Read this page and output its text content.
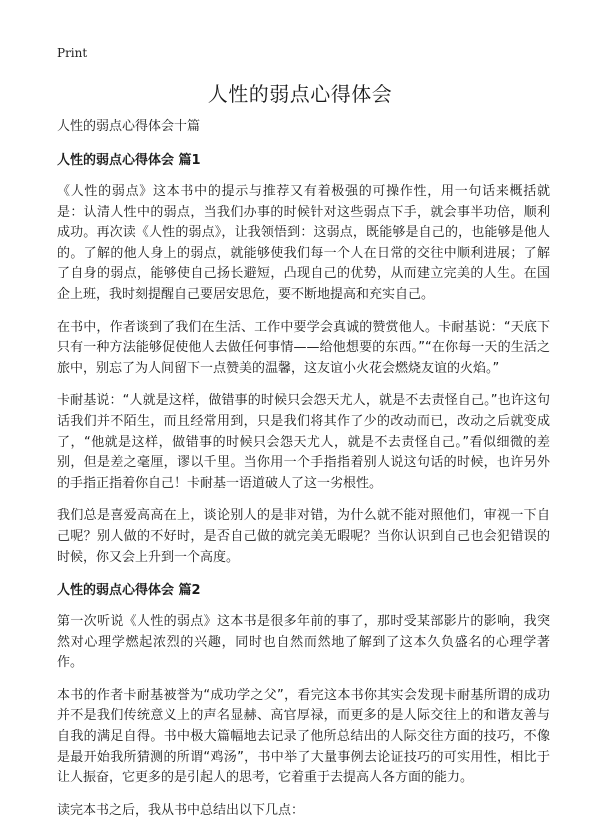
Print
人性的弱点心得体会

人性的弱点心得体会十篇

人性的弱点心得体会 篇1

《人性的弱点》这本书中的提示与推荐又有着极强的可操作性，用一句话来概括就是：认清人性中的弱点，当我们办事的时候针对这些弱点下手，就会事半功倍，顺利成功。再次读《人性的弱点》，让我领悟到：这弱点，既能够是自己的，也能够是他人的。了解的他人身上的弱点，就能够使我们每一个人在日常的交往中顺利进展；了解了自身的弱点，能够使自己扬长避短，凸现自己的优势，从而建立完美的人生。在国企上班，我时刻提醒自己要居安思危，要不断地提高和充实自己。

在书中，作者谈到了我们在生活、工作中要学会真诚的赞赏他人。卡耐基说：“天底下只有一种方法能够促使他人去做任何事情——给他想要的东西。”“在你每一天的生活之旅中，别忘了为人间留下一点赞美的温馨，这友谊小火花会燃烧友谊的火焰。”

卡耐基说：“人就是这样，做错事的时候只会怨天尤人，就是不去责怪自己。”也许这句话我们并不陌生，而且经常用到，只是我们将其作了少的改动而已，改动之后就变成了，“他就是这样，做错事的时候只会怨天尤人，就是不去责怪自己。”看似细微的差别，但是差之毫厘，谬以千里。当你用一个手指指着别人说这句话的时候，也许另外的手指正指着你自己！卡耐基一语道破人了这一劣根性。

我们总是喜爱高高在上，谈论别人的是非对错，为什么就不能对照他们，审视一下自己呢？别人做的不好时，是否自己做的就完美无暇呢？当你认识到自己也会犯错误的时候，你又会上升到一个高度。

人性的弱点心得体会 篇2

第一次听说《人性的弱点》这本书是很多年前的事了，那时受某部影片的影响，我突然对心理学燃起浓烈的兴趣，同时也自然而然地了解到了这本久负盛名的心理学著作。

本书的作者卡耐基被誉为“成功学之父”，看完这本书你其实会发现卡耐基所谓的成功并不是我们传统意义上的声名显赫、高官厚禄，而更多的是人际交往上的和谐友善与自我的满足自得。书中极大篇幅地去记录了他所总结出的人际交往方面的技巧，不像是最开始我所猜测的所谓“鸡汤”，书中举了大量事例去论证技巧的可实用性，相比于让人振奋，它更多的是引起人的思考，它着重于去提高人各方面的能力。

读完本书之后，我从书中总结出以下几点：
